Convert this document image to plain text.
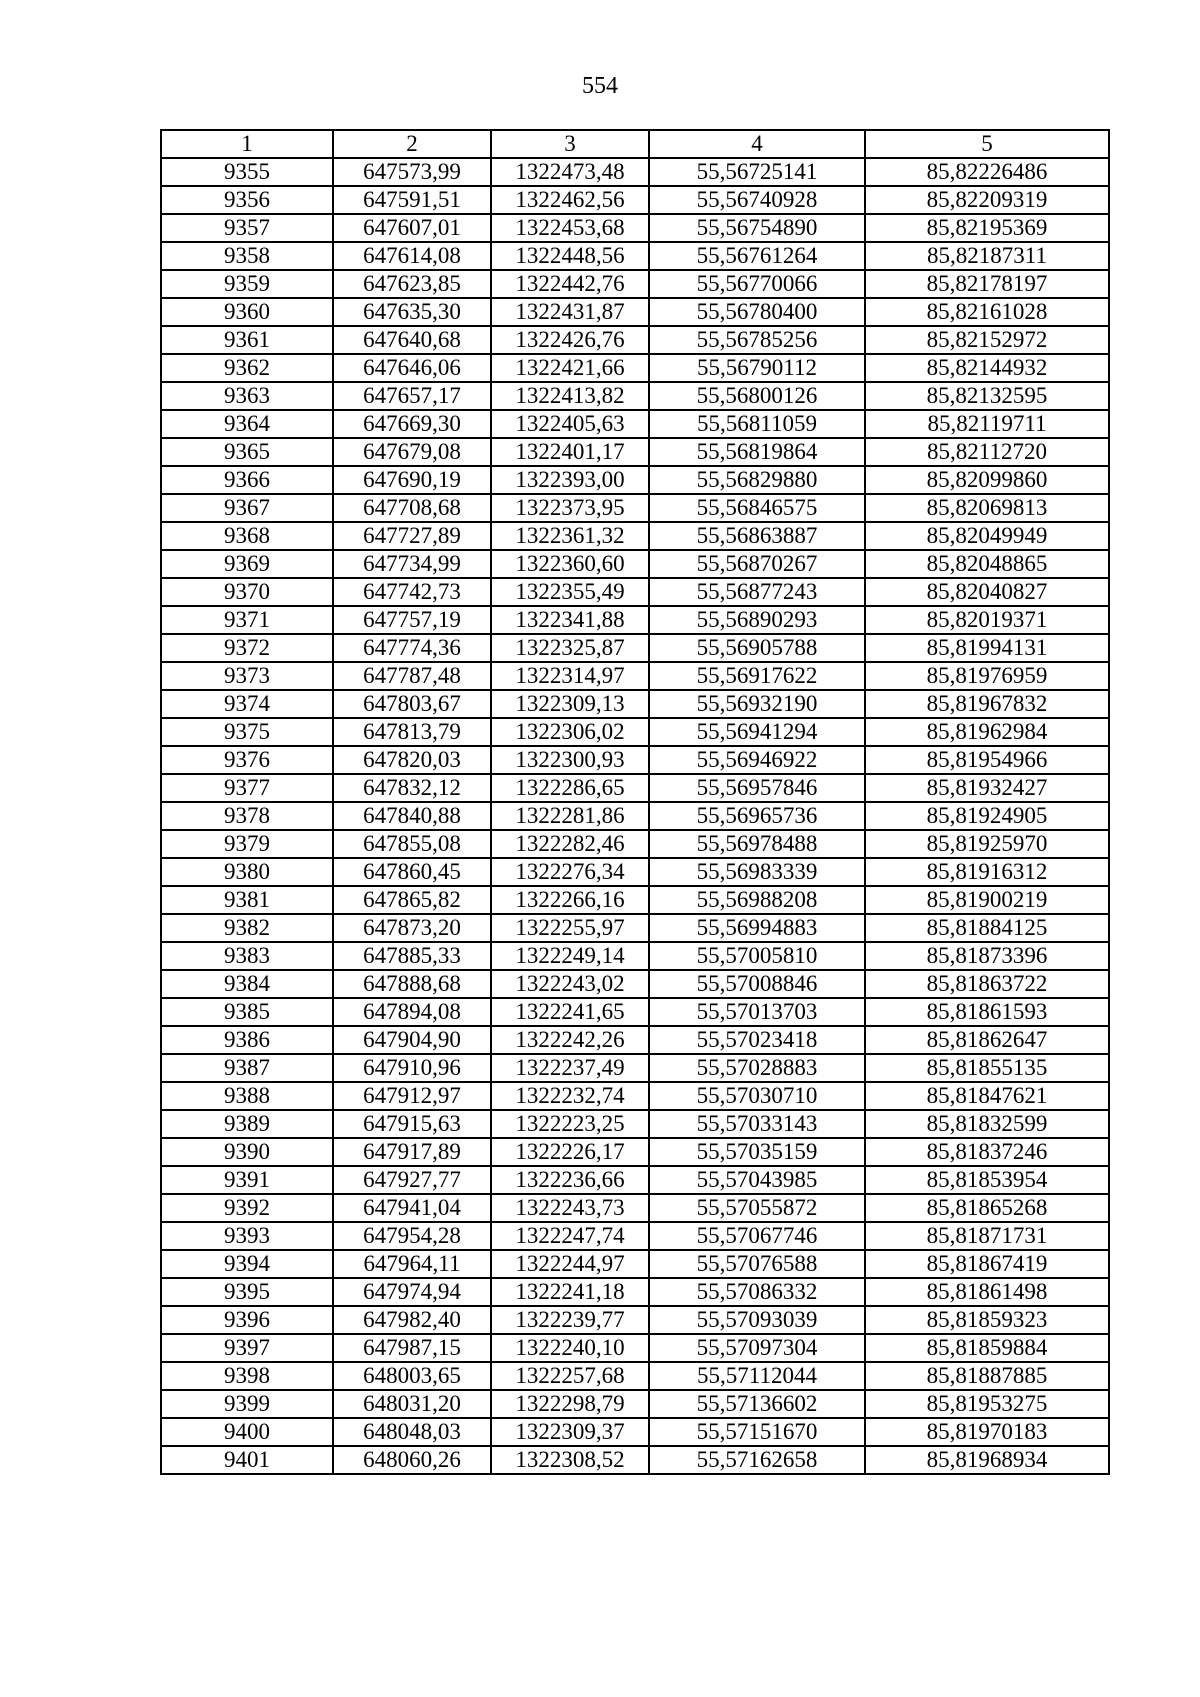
554
1	2	3	4	5
9355	647573,99	1322473,48	55,56725141	85,82226486
9356	647591,51	1322462,56	55,56740928	85,82209319
9357	647607,01	1322453,68	55,56754890	85,82195369
9358	647614,08	1322448,56	55,56761264	85,82187311
9359	647623,85	1322442,76	55,56770066	85,82178197
9360	647635,30	1322431,87	55,56780400	85,82161028
9361	647640,68	1322426,76	55,56785256	85,82152972
9362	647646,06	1322421,66	55,56790112	85,82144932
9363	647657,17	1322413,82	55,56800126	85,82132595
9364	647669,30	1322405,63	55,56811059	85,82119711
9365	647679,08	1322401,17	55,56819864	85,82112720
9366	647690,19	1322393,00	55,56829880	85,82099860
9367	647708,68	1322373,95	55,56846575	85,82069813
9368	647727,89	1322361,32	55,56863887	85,82049949
9369	647734,99	1322360,60	55,56870267	85,82048865
9370	647742,73	1322355,49	55,56877243	85,82040827
9371	647757,19	1322341,88	55,56890293	85,82019371
9372	647774,36	1322325,87	55,56905788	85,81994131
9373	647787,48	1322314,97	55,56917622	85,81976959
9374	647803,67	1322309,13	55,56932190	85,81967832
9375	647813,79	1322306,02	55,56941294	85,81962984
9376	647820,03	1322300,93	55,56946922	85,81954966
9377	647832,12	1322286,65	55,56957846	85,81932427
9378	647840,88	1322281,86	55,56965736	85,81924905
9379	647855,08	1322282,46	55,56978488	85,81925970
9380	647860,45	1322276,34	55,56983339	85,81916312
9381	647865,82	1322266,16	55,56988208	85,81900219
9382	647873,20	1322255,97	55,56994883	85,81884125
9383	647885,33	1322249,14	55,57005810	85,81873396
9384	647888,68	1322243,02	55,57008846	85,81863722
9385	647894,08	1322241,65	55,57013703	85,81861593
9386	647904,90	1322242,26	55,57023418	85,81862647
9387	647910,96	1322237,49	55,57028883	85,81855135
9388	647912,97	1322232,74	55,57030710	85,81847621
9389	647915,63	1322223,25	55,57033143	85,81832599
9390	647917,89	1322226,17	55,57035159	85,81837246
9391	647927,77	1322236,66	55,57043985	85,81853954
9392	647941,04	1322243,73	55,57055872	85,81865268
9393	647954,28	1322247,74	55,57067746	85,81871731
9394	647964,11	1322244,97	55,57076588	85,81867419
9395	647974,94	1322241,18	55,57086332	85,81861498
9396	647982,40	1322239,77	55,57093039	85,81859323
9397	647987,15	1322240,10	55,57097304	85,81859884
9398	648003,65	1322257,68	55,57112044	85,81887885
9399	648031,20	1322298,79	55,57136602	85,81953275
9400	648048,03	1322309,37	55,57151670	85,81970183
9401	648060,26	1322308,52	55,57162658	85,81968934
